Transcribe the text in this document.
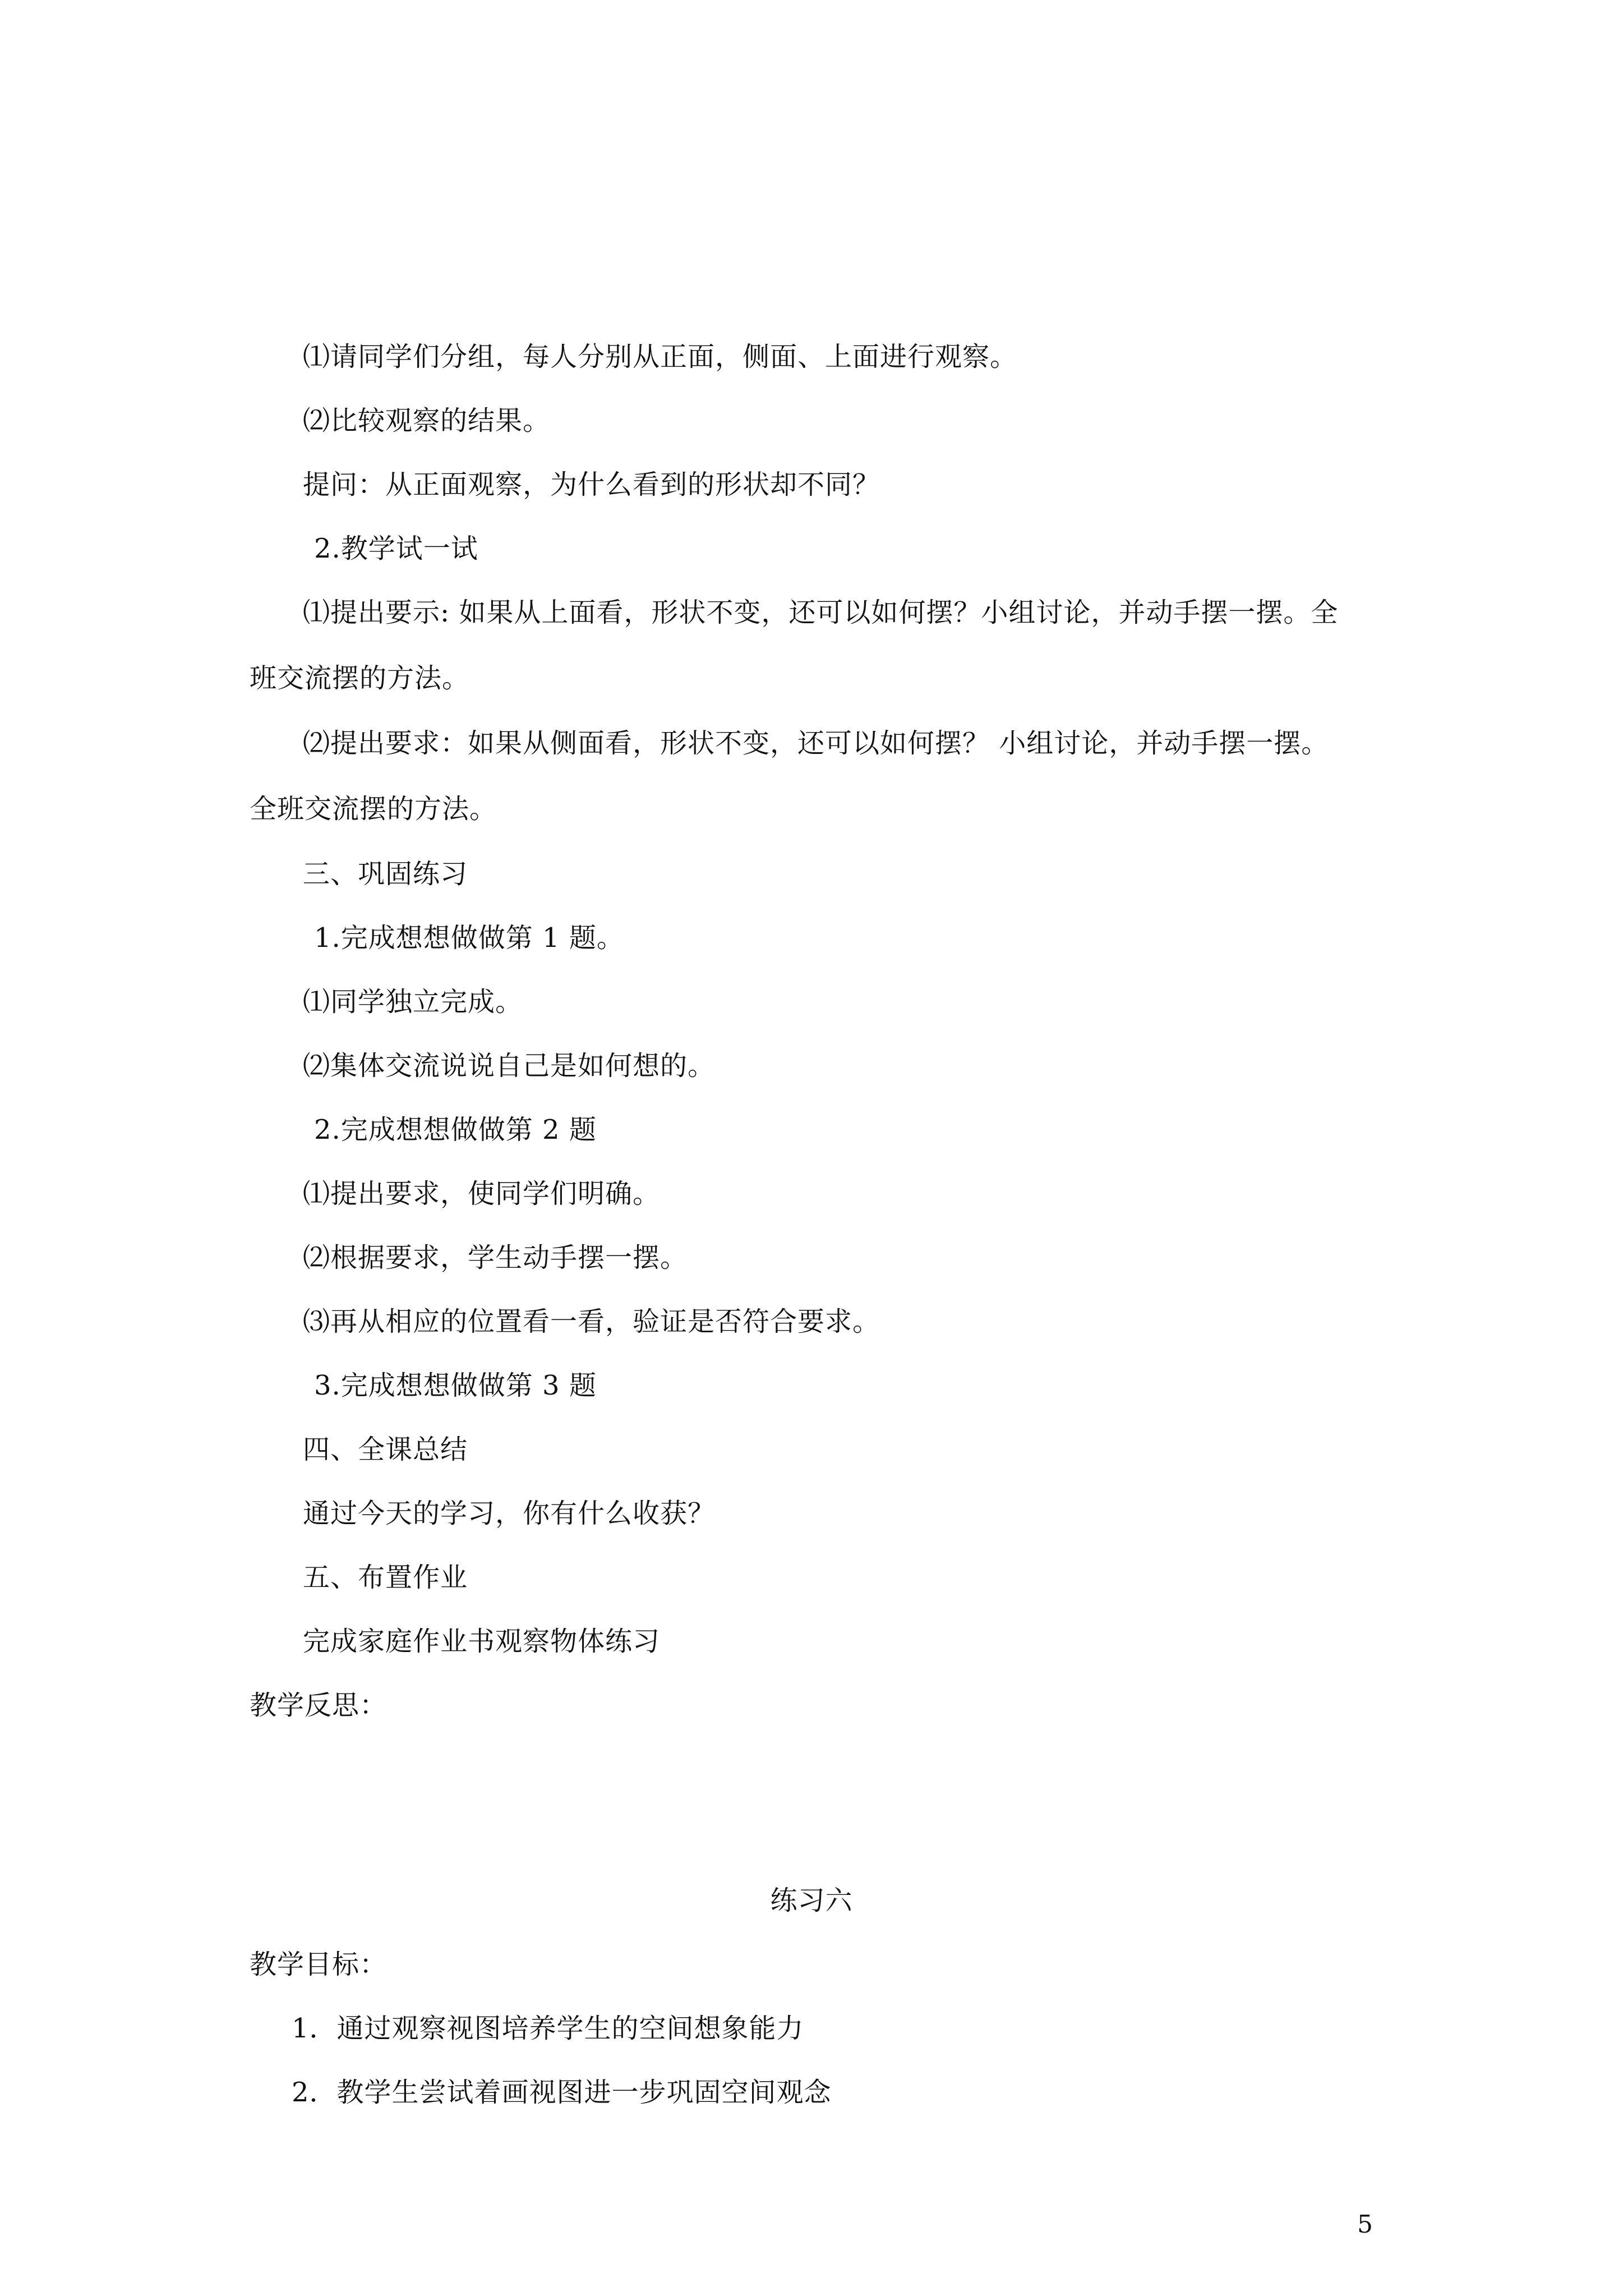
⑴请同学们分组，每人分别从正面，侧面、上面进行观察。
⑵比较观察的结果。
提问：从正面观察，为什么看到的形状却不同？
2.教学试一试
⑴提出要示: 如果从上面看，形状不变，还可以如何摆？小组讨论，并动手摆一摆。全
班交流摆的方法。
⑵提出要求：如果从侧面看，形状不变，还可以如何摆？ 小组讨论，并动手摆一摆。
全班交流摆的方法。
三、巩固练习
1.完成想想做做第 1 题。
⑴同学独立完成。
⑵集体交流说说自己是如何想的。
2.完成想想做做第 2 题
⑴提出要求，使同学们明确。
⑵根据要求，学生动手摆一摆。
⑶再从相应的位置看一看，验证是否符合要求。
3.完成想想做做第 3 题
四、全课总结
通过今天的学习，你有什么收获？
五、布置作业
完成家庭作业书观察物体练习
教学反思：
练习六
教学目标：
1．通过观察视图培养学生的空间想象能力
2．教学生尝试着画视图进一步巩固空间观念
5
